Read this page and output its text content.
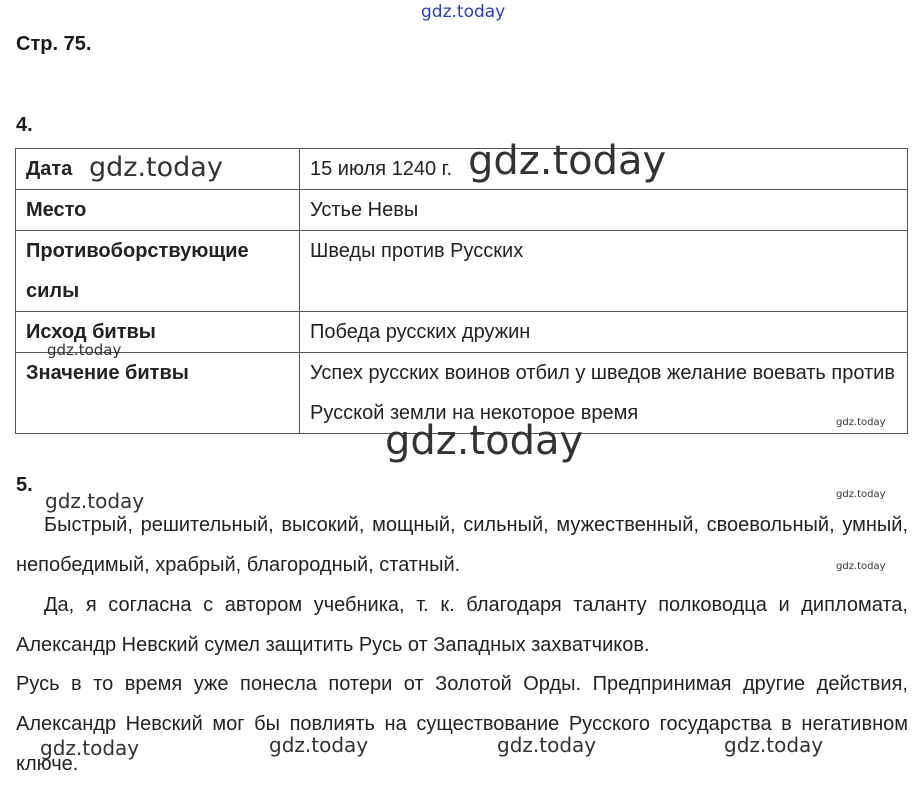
gdz.today
Стр. 75.
4.
Дата	15 июля 1240 г.
Место	Устье Невы
Противоборствующие силы	Шведы против Русских
Исход битвы	Победа русских дружин
Значение битвы	Успех русских воинов отбил у шведов желание воевать против Русской земли на некоторое время
5.
Быстрый, решительный, высокий, мощный, сильный, мужественный, своевольный, умный, непобедимый, храбрый, благородный, статный.
Да, я согласна с автором учебника, т. к. благодаря таланту полководца и дипломата, Александр Невский сумел защитить Русь от Западных захватчиков.
Русь в то время уже понесла потери от Золотой Орды. Предпринимая другие действия, Александр Невский мог бы повлиять на существование Русского государства в негативном ключе.
gdz.today	gdz.today
gdz.today
gdz.today
gdz.today
gdz.today	gdz.today
gdz.today
gdz.today	gdz.today	gdz.today	gdz.today
